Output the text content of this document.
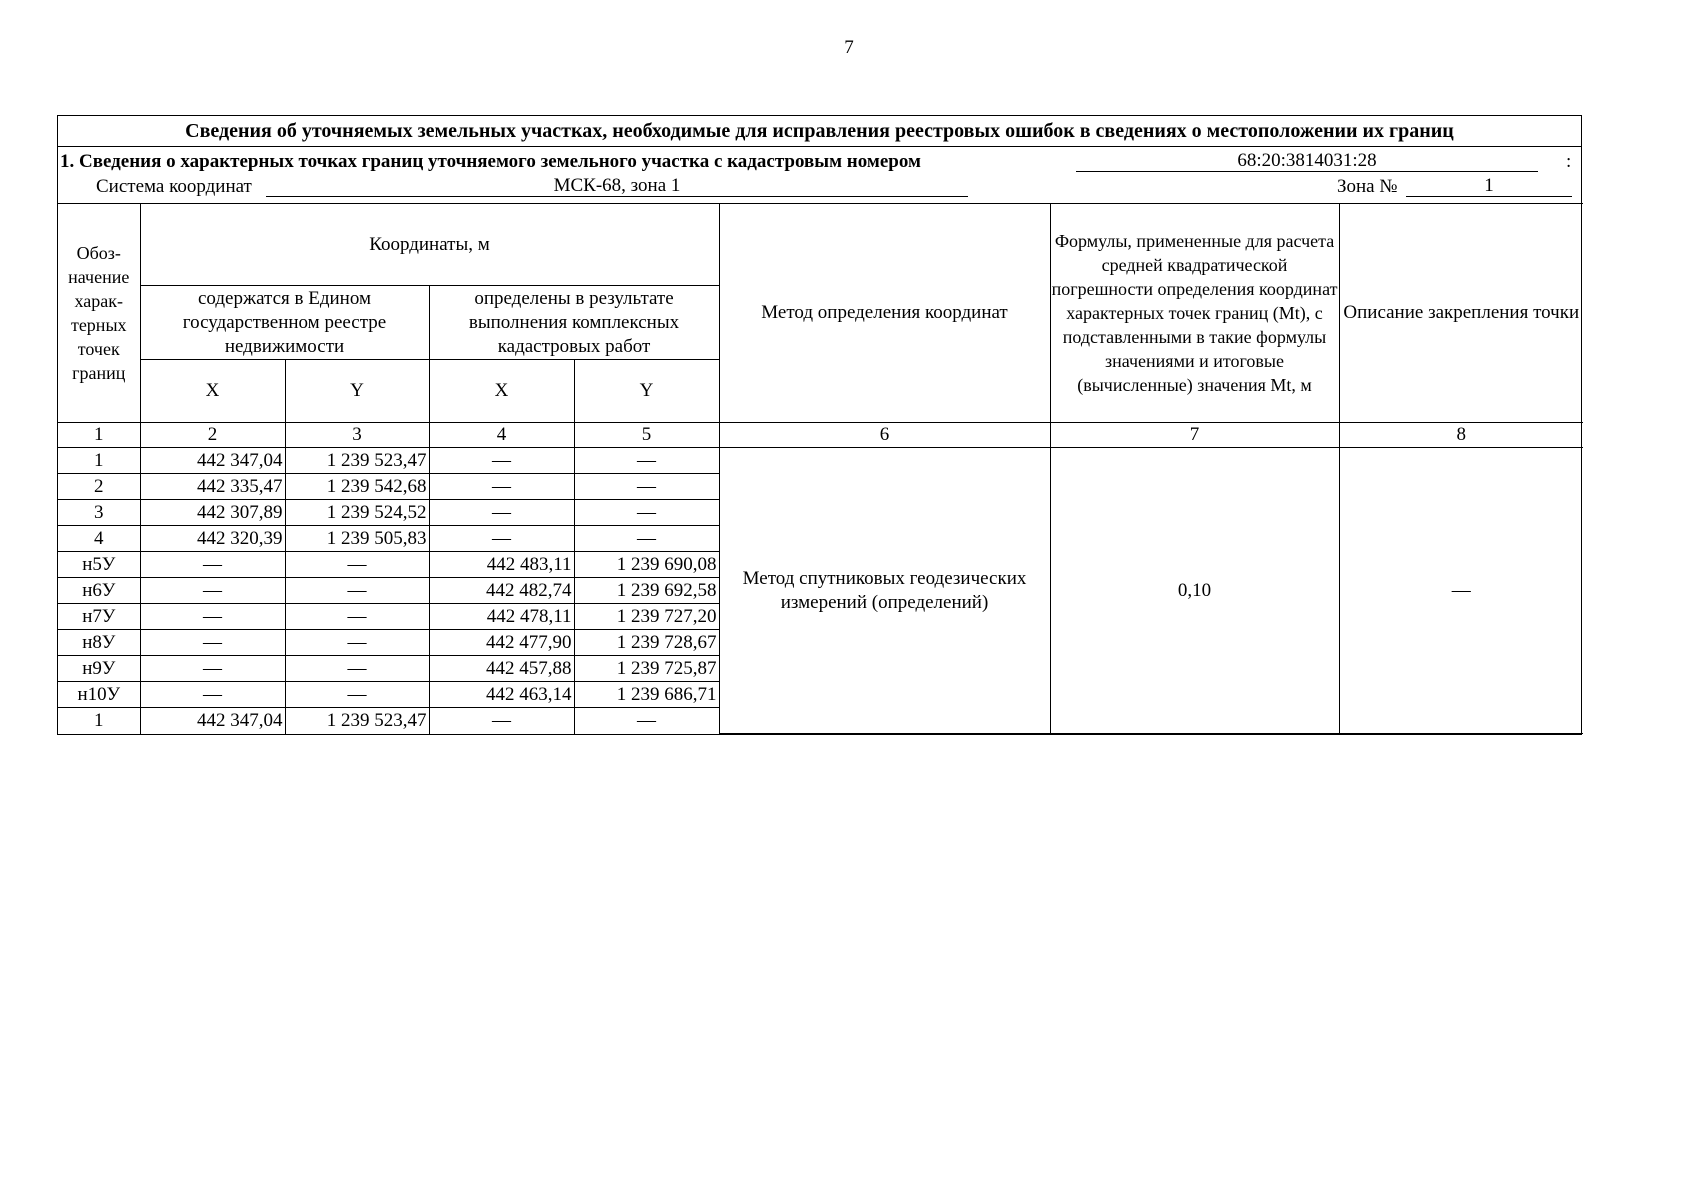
7
Сведения об уточняемых земельных участках, необходимые для исправления реестровых ошибок в сведениях о местоположении их границ
1. Сведения о характерных точках границ уточняемого земельного участка с кадастровым номером	68:20:3814031:28	:
Система координат	МСК-68, зона 1	Зона №	1
Обоз-начение харак-терных точек границ	Координаты, м				Метод определения координат	Формулы, примененные для расчета средней квадратической погрешности определения координат характерных точек границ (Mt), с подставленными в такие формулы значениями и итоговые (вычисленные) значения Mt, м	Описание закрепления точки
	содержатся в Едином государственном реестре недвижимости		определены в результате выполнения комплексных кадастровых работ				
	X	Y	X	Y			
1	2	3	4	5	6	7	8
1	442 347,04	1 239 523,47	—	—	Метод спутниковых геодезических измерений (определений)	0,10	—
2	442 335,47	1 239 542,68	—	—			
3	442 307,89	1 239 524,52	—	—			
4	442 320,39	1 239 505,83	—	—			
н5У	—	—	442 483,11	1 239 690,08			
н6У	—	—	442 482,74	1 239 692,58			
н7У	—	—	442 478,11	1 239 727,20			
н8У	—	—	442 477,90	1 239 728,67			
н9У	—	—	442 457,88	1 239 725,87			
н10У	—	—	442 463,14	1 239 686,71			
1	442 347,04	1 239 523,47	—	—			
